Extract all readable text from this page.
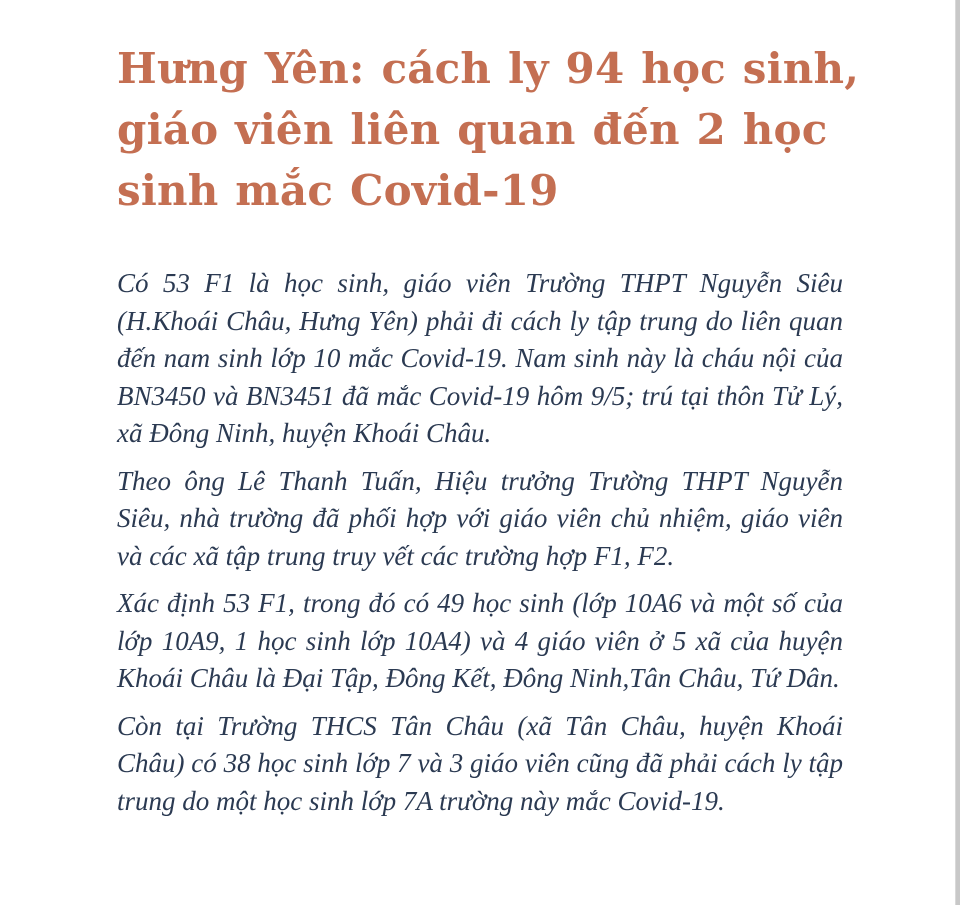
Hưng Yên: cách ly 94 học sinh, giáo viên liên quan đến 2 học sinh mắc Covid-19

Có 53 F1 là học sinh, giáo viên Trường THPT Nguyễn Siêu (H.Khoái Châu, Hưng Yên) phải đi cách ly tập trung do liên quan đến nam sinh lớp 10 mắc Covid-19. Nam sinh này là cháu nội của BN3450 và BN3451 đã mắc Covid-19 hôm 9/5; trú tại thôn Tử Lý, xã Đông Ninh, huyện Khoái Châu.

Theo ông Lê Thanh Tuấn, Hiệu trưởng Trường THPT Nguyễn Siêu, nhà trường đã phối hợp với giáo viên chủ nhiệm, giáo viên và các xã tập trung truy vết các trường hợp F1, F2.

Xác định 53 F1, trong đó có 49 học sinh (lớp 10A6 và một số của lớp 10A9, 1 học sinh lớp 10A4) và 4 giáo viên ở 5 xã của huyện Khoái Châu là Đại Tập, Đông Kết, Đông Ninh,Tân Châu, Tứ Dân.

Còn tại Trường THCS Tân Châu (xã Tân Châu, huyện Khoái Châu) có 38 học sinh lớp 7 và 3 giáo viên cũng đã phải cách ly tập trung do một học sinh lớp 7A trường này mắc Covid-19.
